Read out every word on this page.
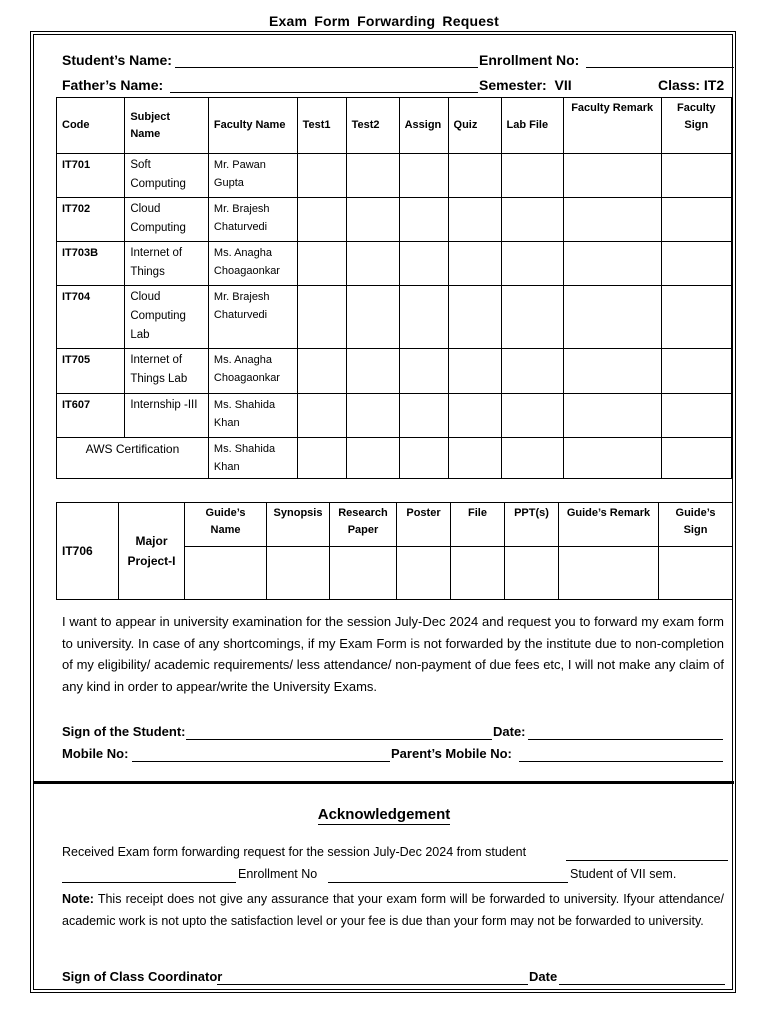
Exam Form Forwarding Request
Student’s Name:	Enrollment No:
Father’s Name:	Semester: VII	Class: IT2
Code	Subject Name	Faculty Name	Test1	Test2	Assign	Quiz	Lab File	Faculty Remark	Faculty Sign
IT701	Soft Computing	Mr. Pawan Gupta							
IT702	Cloud Computing	Mr. Brajesh Chaturvedi							
IT703B	Internet of Things	Ms. Anagha Choagaonkar							
IT704	Cloud Computing Lab	Mr. Brajesh Chaturvedi							
IT705	Internet of Things Lab	Ms. Anagha Choagaonkar							
IT607	Internship -III	Ms. Shahida Khan							
AWS Certification		Ms. Shahida Khan							
IT706	Major Project-I	Guide’s Name	Synopsis	Research Paper	Poster	File	PPT(s)	Guide’s Remark	Guide’s Sign

I want to appear in university examination for the session July-Dec 2024 and request you to forward my exam form to university. In case of any shortcomings, if my Exam Form is not forwarded by the institute due to non-completion of my eligibility/ academic requirements/ less attendance/ non-payment of due fees etc, I will not make any claim of any kind in order to appear/write the University Exams.
Sign of the Student:	Date:
Mobile No:	Parent’s Mobile No:
Acknowledgement
Received Exam form forwarding request for the session July-Dec 2024 from student
Enrollment No	Student of VII sem.
Note: This receipt does not give any assurance that your exam form will be forwarded to university. Ifyour attendance/ academic work is not upto the satisfaction level or your fee is due than your form may not be forwarded to university.
Sign of Class Coordinator	Date
